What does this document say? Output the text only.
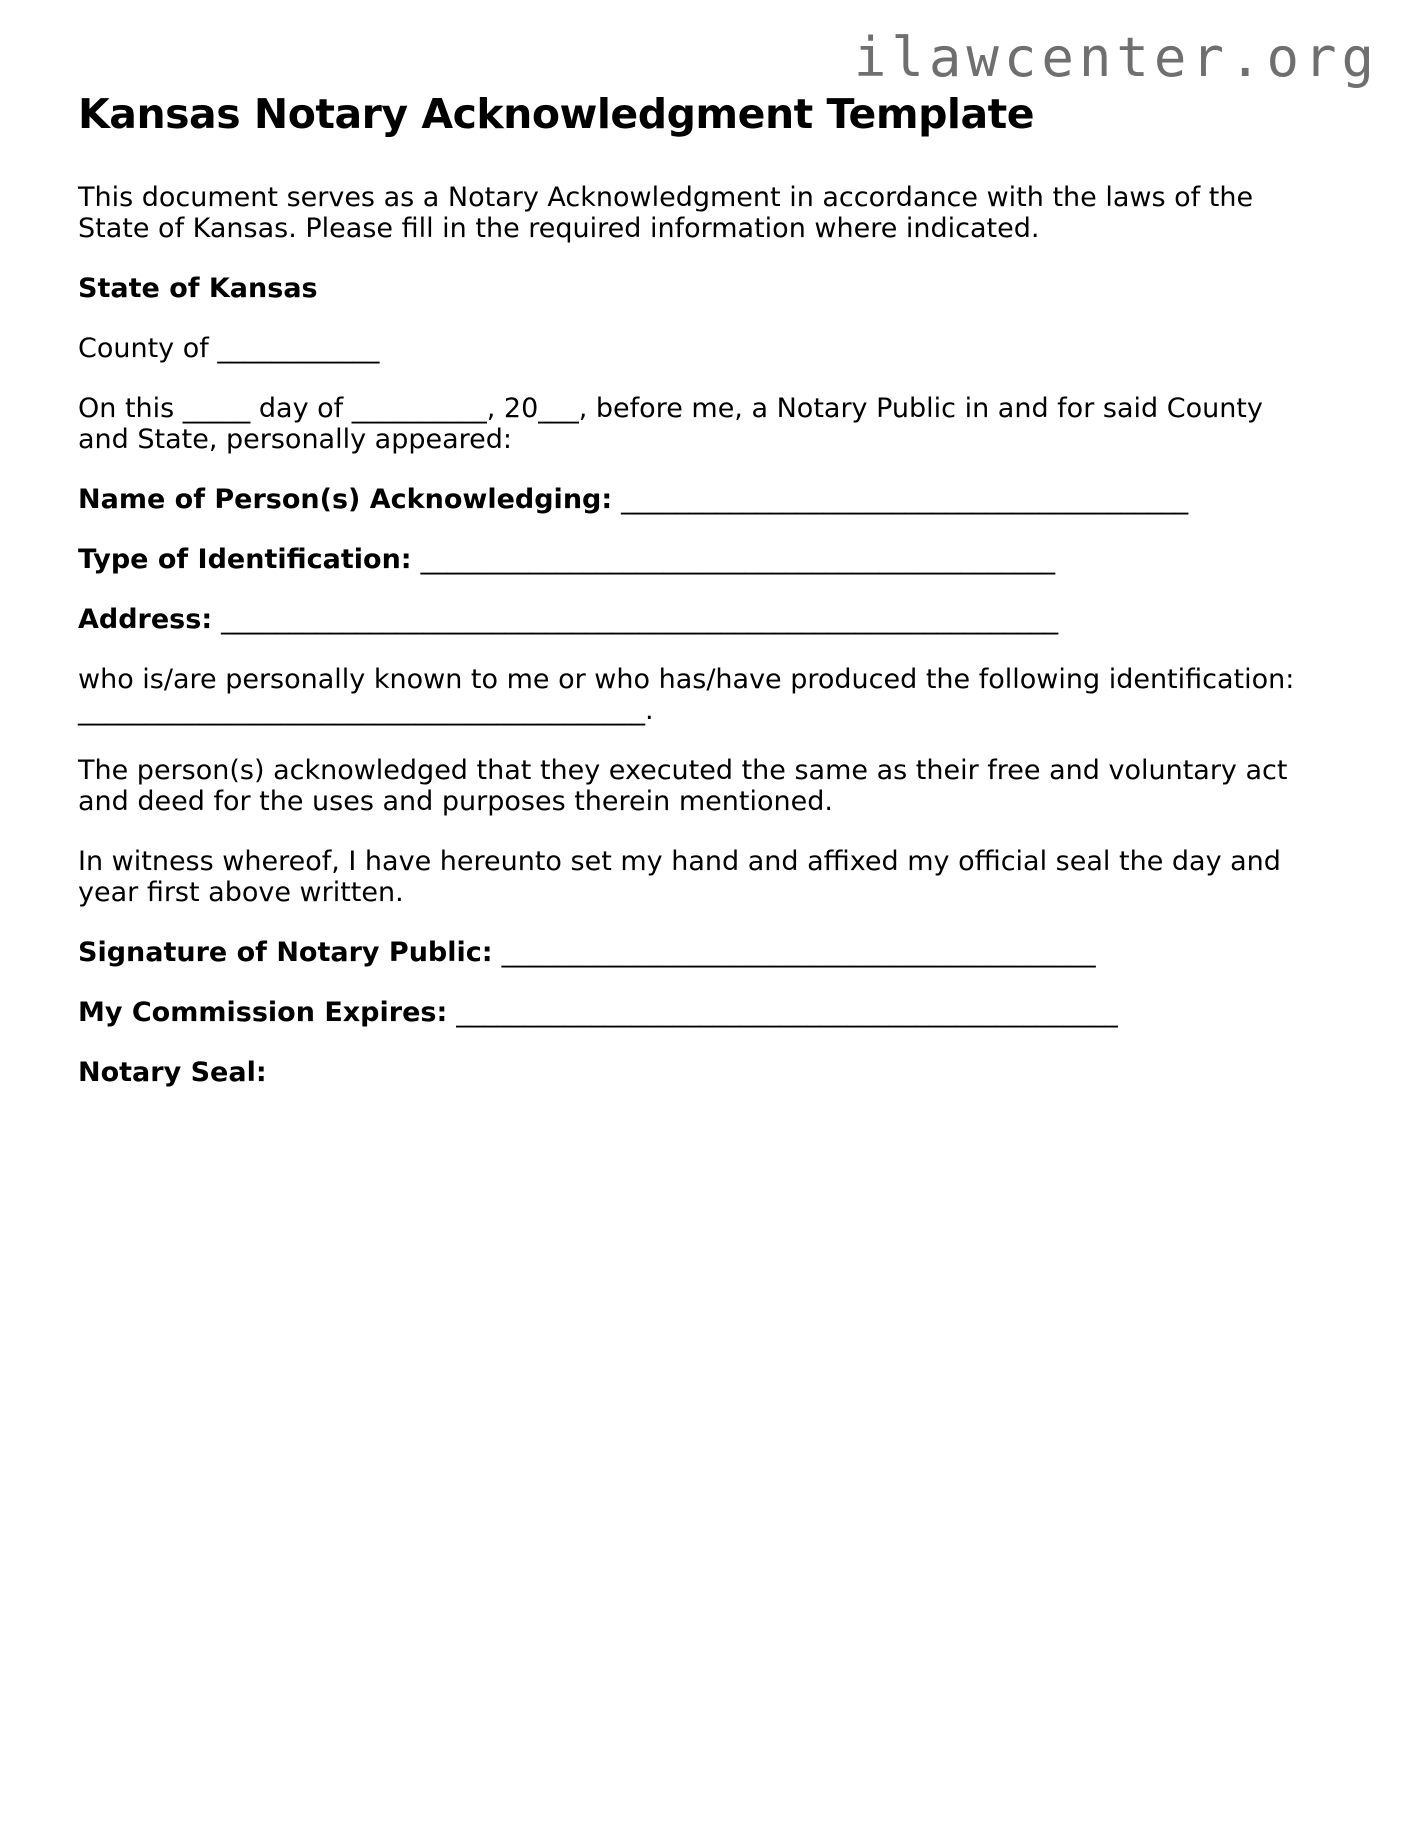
ilawcenter.org
Kansas Notary Acknowledgment Template

This document serves as a Notary Acknowledgment in accordance with the laws of the
State of Kansas. Please fill in the required information where indicated.

State of Kansas

County of ____________

On this _____ day of __________, 20___, before me, a Notary Public in and for said County
and State, personally appeared:

Name of Person(s) Acknowledging: __________________________________________

Type of Identification: _______________________________________________

Address: ______________________________________________________________

who is/are personally known to me or who has/have produced the following identification:
__________________________________________.

The person(s) acknowledged that they executed the same as their free and voluntary act
and deed for the uses and purposes therein mentioned.

In witness whereof, I have hereunto set my hand and affixed my official seal the day and
year first above written.

Signature of Notary Public: ____________________________________________

My Commission Expires: _________________________________________________

Notary Seal:
